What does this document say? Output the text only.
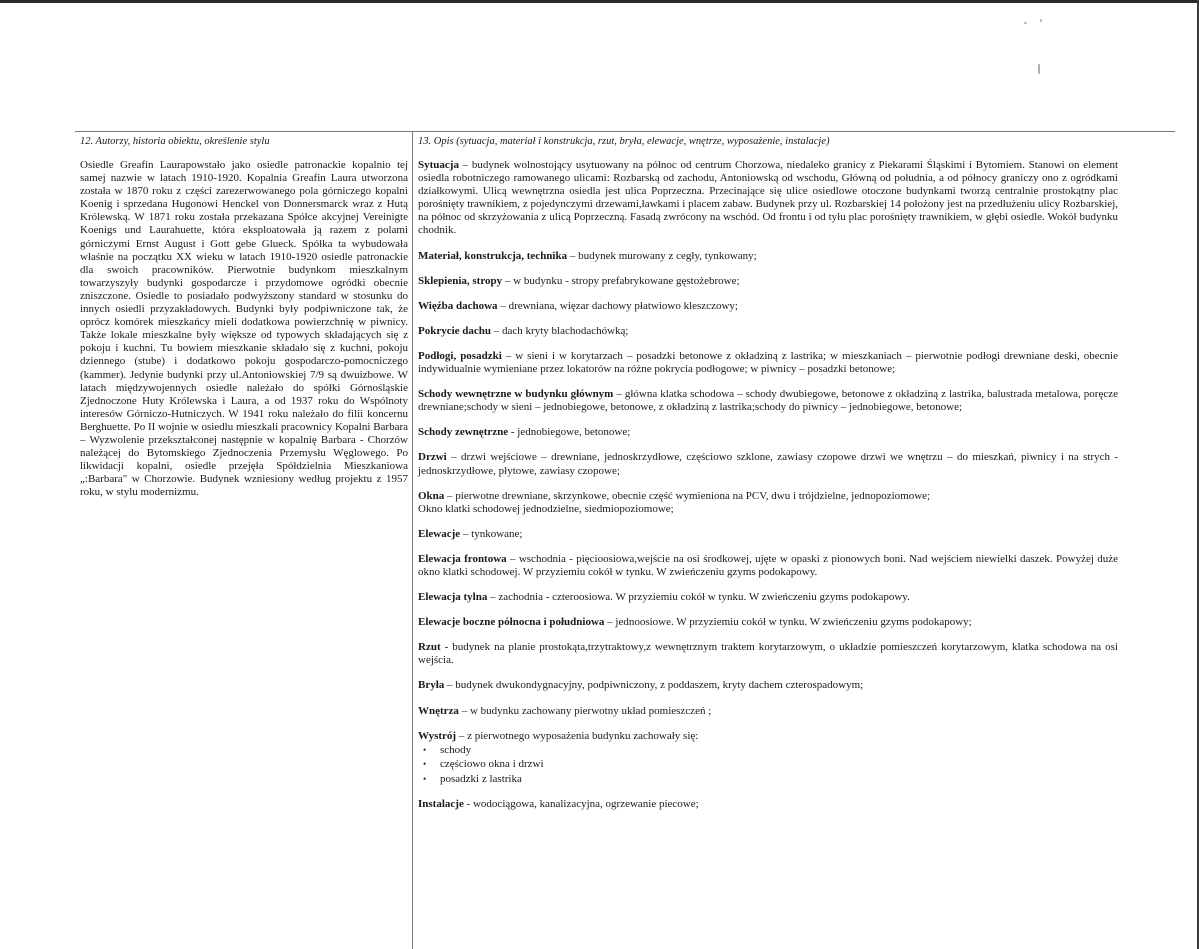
12. Autorzy, historia obiektu, określenie stylu

Osiedle Greafin Laurapowstało jako osiedle patronackie kopalnio tej samej nazwie w latach 1910-1920. Kopalnia Greafin Laura utworzona została w 1870 roku z części zarezerwowanego pola górniczego kopalni Koenig i sprzedana Hugonowi Henckel von Donnersmarck wraz z Hutą Królewską. W 1871 roku została przekazana Spółce akcyjnej Vereinigte Koenigs und Laurahuette, która eksploatowała ją razem z polami górniczymi Ernst August i Gott gebe Glueck. Spółka ta wybudowała właśnie na początku XX wieku w latach 1910-1920 osiedle patronackie dla swoich pracowników. Pierwotnie budynkom mieszkalnym towarzyszyły budynki gospodarcze i przydomowe ogródki obecnie zniszczone. Osiedle to posiadało podwyższony standard w stosunku do innych osiedli przyzakładowych. Budynki były podpiwniczone tak, że oprócz komórek mieszkańcy mieli dodatkowa powierzchnię w piwnicy. Także lokale mieszkalne były większe od typowych składających się z pokoju i kuchni. Tu bowiem mieszkanie składało się z kuchni, pokoju dziennego (stube) i dodatkowo pokoju gospodarczo-pomocniczego (kammer). Jedynie budynki przy ul.Antoniowskiej 7/9 są dwuizbowe. W latach międzywojennych osiedle należało do spółki Górnośląskie Zjednoczone Huty Królewska i Laura, a od 1937 roku do Wspólnoty interesów Górniczo-Hutniczych. W 1941 roku należało do filii koncernu Berghuette. Po II wojnie w osiedlu mieszkali pracownicy Kopalni Barbara – Wyzwolenie przekształconej następnie w kopalnię Barbara - Chorzów należącej do Bytomskiego Zjednoczenia Przemysłu Węglowego. Po likwidacji kopalni, osiedle przejęła Spółdzielnia Mieszkaniowa „:Barbara" w Chorzowie. Budynek wzniesiony według projektu z 1957 roku, w stylu modernizmu.

13. Opis (sytuacja, materiał i konstrukcja, rzut, bryła, elewacje, wnętrze, wyposażenie, instalacje)

Sytuacja – budynek wolnostojący usytuowany na północ od centrum Chorzowa, niedaleko granicy z Piekarami Śląskimi i Bytomiem. Stanowi on element osiedla robotniczego ramowanego ulicami: Rozbarską od zachodu, Antoniowską od wschodu, Główną od południa, a od północy graniczy ono z ogródkami działkowymi. Ulicą wewnętrzna osiedla jest ulica Poprzeczna. Przecinające się ulice osiedlowe otoczone budynkami tworzą centralnie prostokątny plac porośnięty trawnikiem, z pojedynczymi drzewami,ławkami i placem zabaw. Budynek przy ul. Rozbarskiej 14 położony jest na przedłużeniu ulicy Rozbarskiej, na północ od skrzyżowania z ulicą Poprzeczną. Fasadą zwrócony na wschód. Od frontu i od tyłu plac porośnięty trawnikiem, w głębi osiedle. Wokół budynku chodnik.

Materiał, konstrukcja, technika – budynek murowany z cegły, tynkowany;

Sklepienia, stropy – w budynku - stropy prefabrykowane gęstożebrowe;

Więźba dachowa – drewniana, więzar dachowy płatwiowo kleszczowy;

Pokrycie dachu – dach kryty blachodachówką;

Podłogi, posadzki – w sieni i w korytarzach – posadzki betonowe z okładziną z lastrika; w mieszkaniach – pierwotnie podłogi drewniane deski, obecnie indywidualnie wymieniane przez lokatorów na różne pokrycia podłogowe; w piwnicy – posadzki betonowe;

Schody wewnętrzne w budynku głównym – główna klatka schodowa – schody dwubiegowe, betonowe z okładziną z lastrika, balustrada metalowa, poręcze drewniane;schody w sieni – jednobiegowe, betonowe, z okładziną z lastrika;schody do piwnicy – jednobiegowe, betonowe;

Schody zewnętrzne - jednobiegowe, betonowe;

Drzwi – drzwi wejściowe – drewniane, jednoskrzydłowe, częściowo szklone, zawiasy czopowe drzwi we wnętrzu – do mieszkań, piwnicy i na strych - jednoskrzydłowe, płytowe, zawiasy czopowe;

Okna – pierwotne drewniane, skrzynkowe, obecnie część wymieniona na PCV, dwu i trójdzielne, jednopoziomowe;
Okno klatki schodowej jednodzielne, siedmiopoziomowe;

Elewacje – tynkowane;

Elewacja frontowa – wschodnia - pięcioosiowa,wejście na osi środkowej, ujęte w opaski z pionowych boni. Nad wejściem niewielki daszek. Powyżej duże okno klatki schodowej. W przyziemiu cokół w tynku. W zwieńczeniu gzyms podokapowy.

Elewacja tylna – zachodnia - czteroosiowa. W przyziemiu cokół w tynku. W zwieńczeniu gzyms podokapowy.

Elewacje boczne północna i południowa – jednoosiowe. W przyziemiu cokół w tynku. W zwieńczeniu gzyms podokapowy;

Rzut - budynek na planie prostokąta,trzytraktowy,z wewnętrznym traktem korytarzowym, o układzie pomieszczeń korytarzowym, klatka schodowa na osi wejścia.

Bryła – budynek dwukondygnacyjny, podpiwniczony, z poddaszem, kryty dachem czterospadowym;

Wnętrza – w budynku zachowany pierwotny układ pomieszczeń ;

Wystrój – z pierwotnego wyposażenia budynku zachowały się:
• schody
• częściowo okna i drzwi
• posadzki z lastrika

Instalacje - wodociągowa, kanalizacyjna, ogrzewanie piecowe;
